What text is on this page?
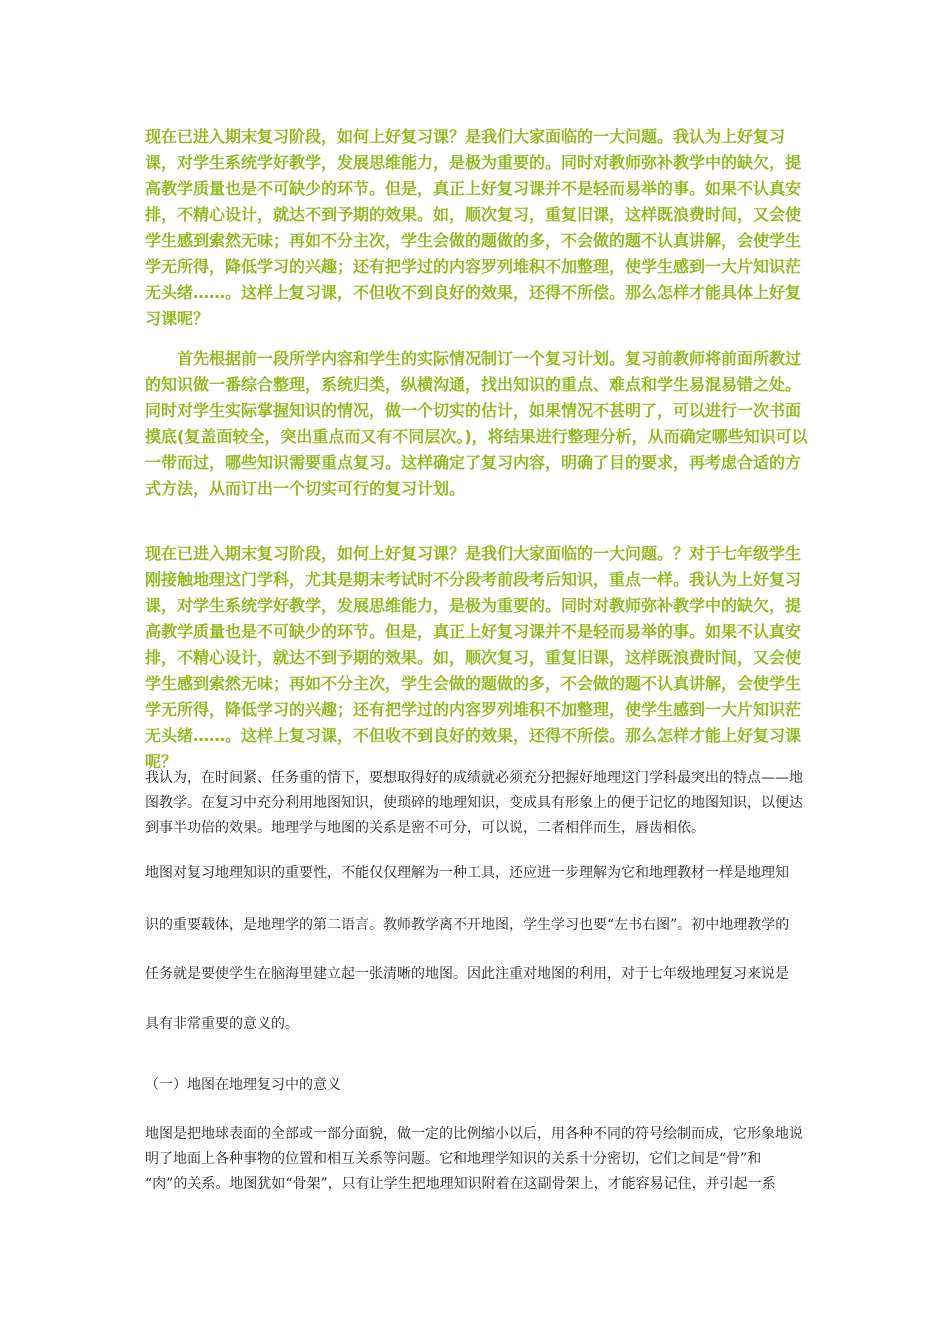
现在已进入期末复习阶段，如何上好复习课？是我们大家面临的一大问题。我认为上好复习课，对学生系统学好教学，发展思维能力，是极为重要的。同时对教师弥补教学中的缺欠，提高教学质量也是不可缺少的环节。但是，真正上好复习课并不是轻而易举的事。如果不认真安排，不精心设计，就达不到予期的效果。如，顺次复习，重复旧课，这样既浪费时间，又会使学生感到索然无味；再如不分主次，学生会做的题做的多，不会做的题不认真讲解，会使学生学无所得，降低学习的兴趣；还有把学过的内容罗列堆积不加整理，使学生感到一大片知识茫无头绪……。这样上复习课，不但收不到良好的效果，还得不所偿。那么怎样才能具体上好复习课呢？

首先根据前一段所学内容和学生的实际情况制订一个复习计划。复习前教师将前面所教过的知识做一番综合整理，系统归类，纵横沟通，找出知识的重点、难点和学生易混易错之处。同时对学生实际掌握知识的情况，做一个切实的估计，如果情况不甚明了，可以进行一次书面摸底(复盖面较全，突出重点而又有不同层次。)，将结果进行整理分析，从而确定哪些知识可以一带而过，哪些知识需要重点复习。这样确定了复习内容，明确了目的要求，再考虑合适的方式方法，从而订出一个切实可行的复习计划。

现在已进入期末复习阶段，如何上好复习课？是我们大家面临的一大问题。？对于七年级学生刚接触地理这门学科，尤其是期末考试时不分段考前段考后知识，重点一样。我认为上好复习课，对学生系统学好教学，发展思维能力，是极为重要的。同时对教师弥补教学中的缺欠，提高教学质量也是不可缺少的环节。但是，真正上好复习课并不是轻而易举的事。如果不认真安排，不精心设计，就达不到予期的效果。如，顺次复习，重复旧课，这样既浪费时间，又会使学生感到索然无味；再如不分主次，学生会做的题做的多，不会做的题不认真讲解，会使学生学无所得，降低学习的兴趣；还有把学过的内容罗列堆积不加整理，使学生感到一大片知识茫无头绪……。这样上复习课，不但收不到良好的效果，还得不所偿。那么怎样才能上好复习课呢？

我认为，在时间紧、任务重的情下，要想取得好的成绩就必须充分把握好地理这门学科最突出的特点——地图教学。在复习中充分利用地图知识，使琐碎的地理知识，变成具有形象上的便于记忆的地图知识，以便达到事半功倍的效果。地理学与地图的关系是密不可分，可以说，二者相伴而生，唇齿相依。

地图对复习地理知识的重要性，不能仅仅理解为一种工具，还应进一步理解为它和地理教材一样是地理知

识的重要载体，是地理学的第二语言。教师教学离不开地图，学生学习也要“左书右图”。初中地理教学的

任务就是要使学生在脑海里建立起一张清晰的地图。因此注重对地图的利用，对于七年级地理复习来说是

具有非常重要的意义的。

（一）地图在地理复习中的意义

地图是把地球表面的全部或一部分面貌，做一定的比例缩小以后，用各种不同的符号绘制而成，它形象地说

明了地面上各种事物的位置和相互关系等问题。它和地理学知识的关系十分密切，它们之间是“骨”和

“肉”的关系。地图犹如“骨架”，只有让学生把地理知识附着在这副骨架上，才能容易记住，并引起一系
